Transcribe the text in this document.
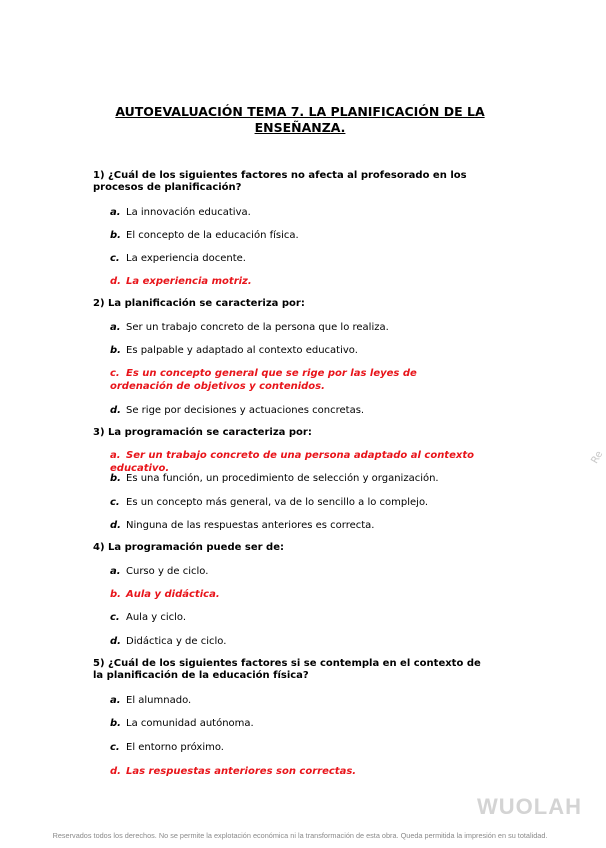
AUTOEVALUACIÓN TEMA 7. LA PLANIFICACIÓN DE LA
ENSEÑANZA.
1) ¿Cuál de los siguientes factores no afecta al profesorado en los procesos de planificación?
a. La innovación educativa.
b. El concepto de la educación física.
c. La experiencia docente.
d. La experiencia motriz.
2) La planificación se caracteriza por:
a. Ser un trabajo concreto de la persona que lo realiza.
b. Es palpable y adaptado al contexto educativo.
c. Es un concepto general que se rige por las leyes de ordenación de objetivos y contenidos.
d. Se rige por decisiones y actuaciones concretas.
3) La programación se caracteriza por:
a. Ser un trabajo concreto de una persona adaptado al contexto educativo.
b. Es una función, un procedimiento de selección y organización.
c. Es un concepto más general, va de lo sencillo a lo complejo.
d. Ninguna de las respuestas anteriores es correcta.
4) La programación puede ser de:
a. Curso y de ciclo.
b. Aula y didáctica.
c. Aula y ciclo.
d. Didáctica y de ciclo.
5) ¿Cuál de los siguientes factores si se contempla en el contexto de la planificación de la educación física?
a. El alumnado.
b. La comunidad autónoma.
c. El entorno próximo.
d. Las respuestas anteriores son correctas.
Re
WUOLAH
Reservados todos los derechos. No se permite la explotación económica ni la transformación de esta obra. Queda permitida la impresión en su totalidad.
